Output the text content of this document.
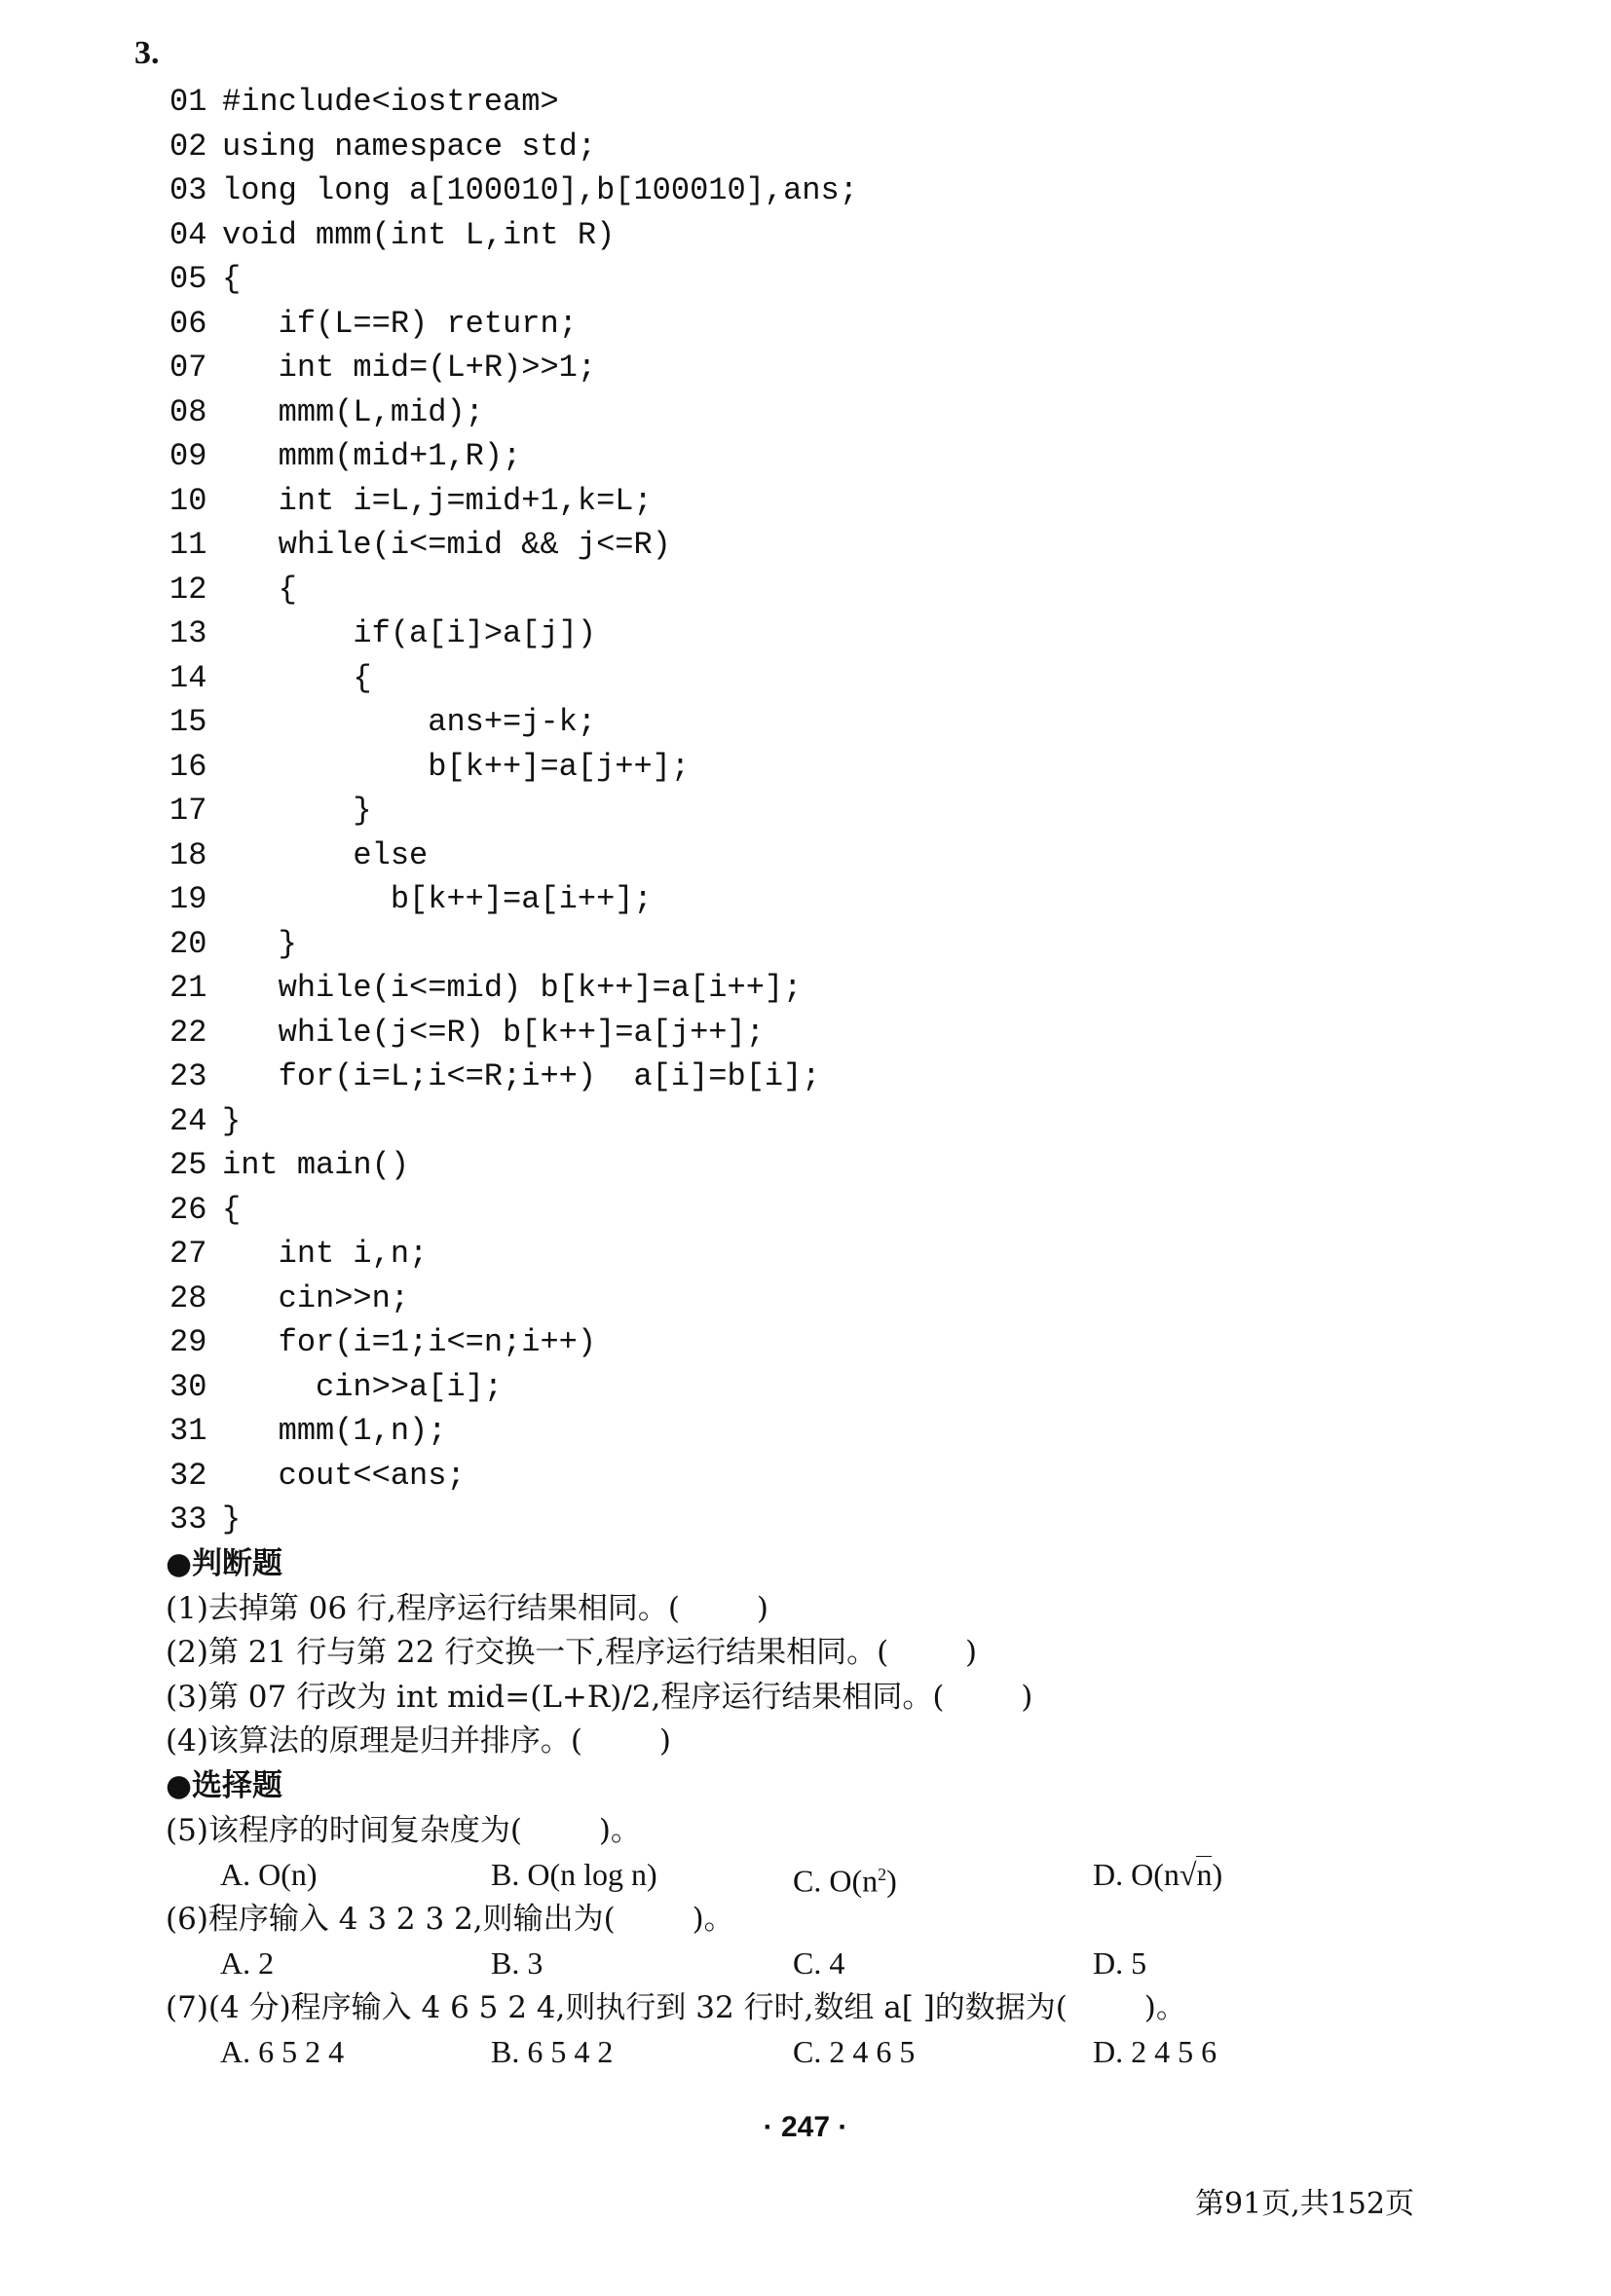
3.
01 #include<iostream>
02 using namespace std;
03 long long a[100010],b[100010],ans;
04 void mmm(int L,int R)
05 {
06   if(L==R) return;
07   int mid=(L+R)>>1;
08   mmm(L,mid);
09   mmm(mid+1,R);
10   int i=L,j=mid+1,k=L;
11   while(i<=mid && j<=R)
12   {
13       if(a[i]>a[j])
14       {
15           ans+=j-k;
16           b[k++]=a[j++];
17       }
18       else
19         b[k++]=a[i++];
20   }
21   while(i<=mid) b[k++]=a[i++];
22   while(j<=R) b[k++]=a[j++];
23   for(i=L;i<=R;i++)  a[i]=b[i];
24 }
25 int main()
26 {
27   int i,n;
28   cin>>n;
29   for(i=1;i<=n;i++)
30     cin>>a[i];
31   mmm(1,n);
32   cout<<ans;
33 }
●判断题
(1)去掉第 06 行,程序运行结果相同。(        )
(2)第 21 行与第 22 行交换一下,程序运行结果相同。(        )
(3)第 07 行改为 int mid=(L+R)/2,程序运行结果相同。(        )
(4)该算法的原理是归并排序。(        )
●选择题
(5)该程序的时间复杂度为(        )。

A. O(n)

	B. O(n log n)

	C. $O(n^2)$

	D. O(n√n)

(6)程序输入 4 3 2 3 2,则输出为(        )。

A. 2

	B. 3

	C. 4

	D. 5

(7)(4 分)程序输入 4 6 5 2 4,则执行到 32 行时,数组 a[ ]的数据为(        )。

A. 6 5 2 4

	B. 6 5 4 2

	C. 2 4 6 5

	D. 2 4 5 6

· 247 ·
第91页,共152页
